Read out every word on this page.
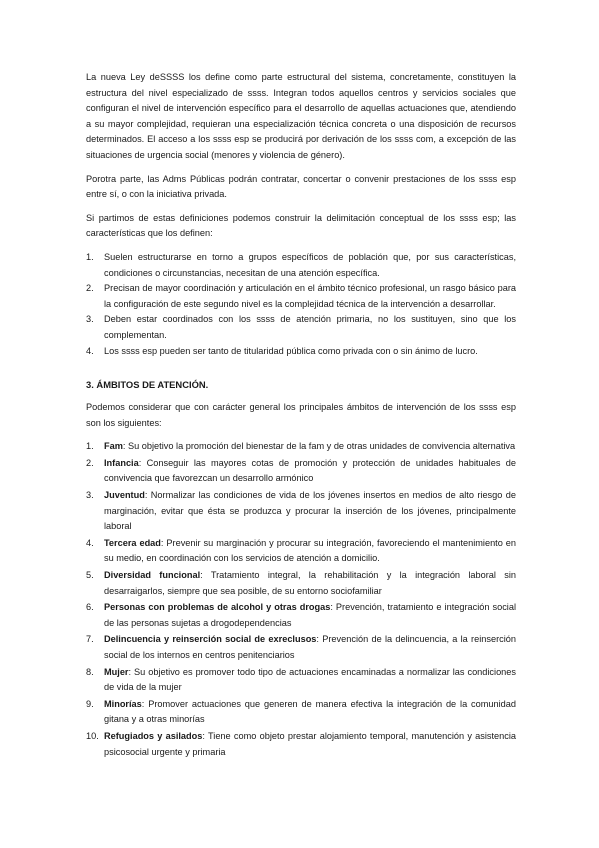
La nueva Ley deSSSS los define como parte estructural del sistema, concretamente, constituyen la estructura del nivel especializado de ssss. Integran todos aquellos centros y servicios sociales que configuran el nivel de intervención específico para el desarrollo de aquellas actuaciones que, atendiendo a su mayor complejidad, requieran una especialización técnica concreta o una disposición de recursos determinados. El acceso a los ssss esp se producirá por derivación de los ssss com, a excepción de las situaciones de urgencia social (menores y violencia de género).

Porotra parte, las Adms Públicas podrán contratar, concertar o convenir prestaciones de los ssss esp entre sí, o con la iniciativa privada.

Si partimos de estas definiciones podemos construir la delimitación conceptual de los ssss esp; las características que los definen:

1. Suelen estructurarse en torno a grupos específicos de población que, por sus características, condiciones o circunstancias, necesitan de una atención específica.
2. Precisan de mayor coordinación y articulación en el ámbito técnico profesional, un rasgo básico para la configuración de este segundo nivel es la complejidad técnica de la intervención a desarrollar.
3. Deben estar coordinados con los ssss de atención primaria, no los sustituyen, sino que los complementan.
4. Los ssss esp pueden ser tanto de titularidad pública como privada con o sin ánimo de lucro.
3. ÁMBITOS DE ATENCIÓN.

Podemos considerar que con carácter general los principales ámbitos de intervención de los ssss esp son los siguientes:

1. Fam: Su objetivo la promoción del bienestar de la fam y de otras unidades de convivencia alternativa
2. Infancia: Conseguir las mayores cotas de promoción y protección de unidades habituales de convivencia que favorezcan un desarrollo armónico
3. Juventud: Normalizar las condiciones de vida de los jóvenes insertos en medios de alto riesgo de marginación, evitar que ésta se produzca y procurar la inserción de los jóvenes, principalmente laboral
4. Tercera edad: Prevenir su marginación y procurar su integración, favoreciendo el mantenimiento en su medio, en coordinación con los servicios de atención a domicilio.
5. Diversidad funcional: Tratamiento integral, la rehabilitación y la integración laboral sin desarraigarlos, siempre que sea posible, de su entorno sociofamiliar
6. Personas con problemas de alcohol y otras drogas: Prevención, tratamiento e integración social de las personas sujetas a drogodependencias
7. Delincuencia y reinserción social de exreclusos: Prevención de la delincuencia, a la reinserción social de los internos en centros penitenciarios
8. Mujer: Su objetivo es promover todo tipo de actuaciones encaminadas a normalizar las condiciones de vida de la mujer
9. Minorías: Promover actuaciones que generen de manera efectiva la integración de la comunidad gitana y a otras minorías
10. Refugiados y asilados: Tiene como objeto prestar alojamiento temporal, manutención y asistencia psicosocial urgente y primaria
